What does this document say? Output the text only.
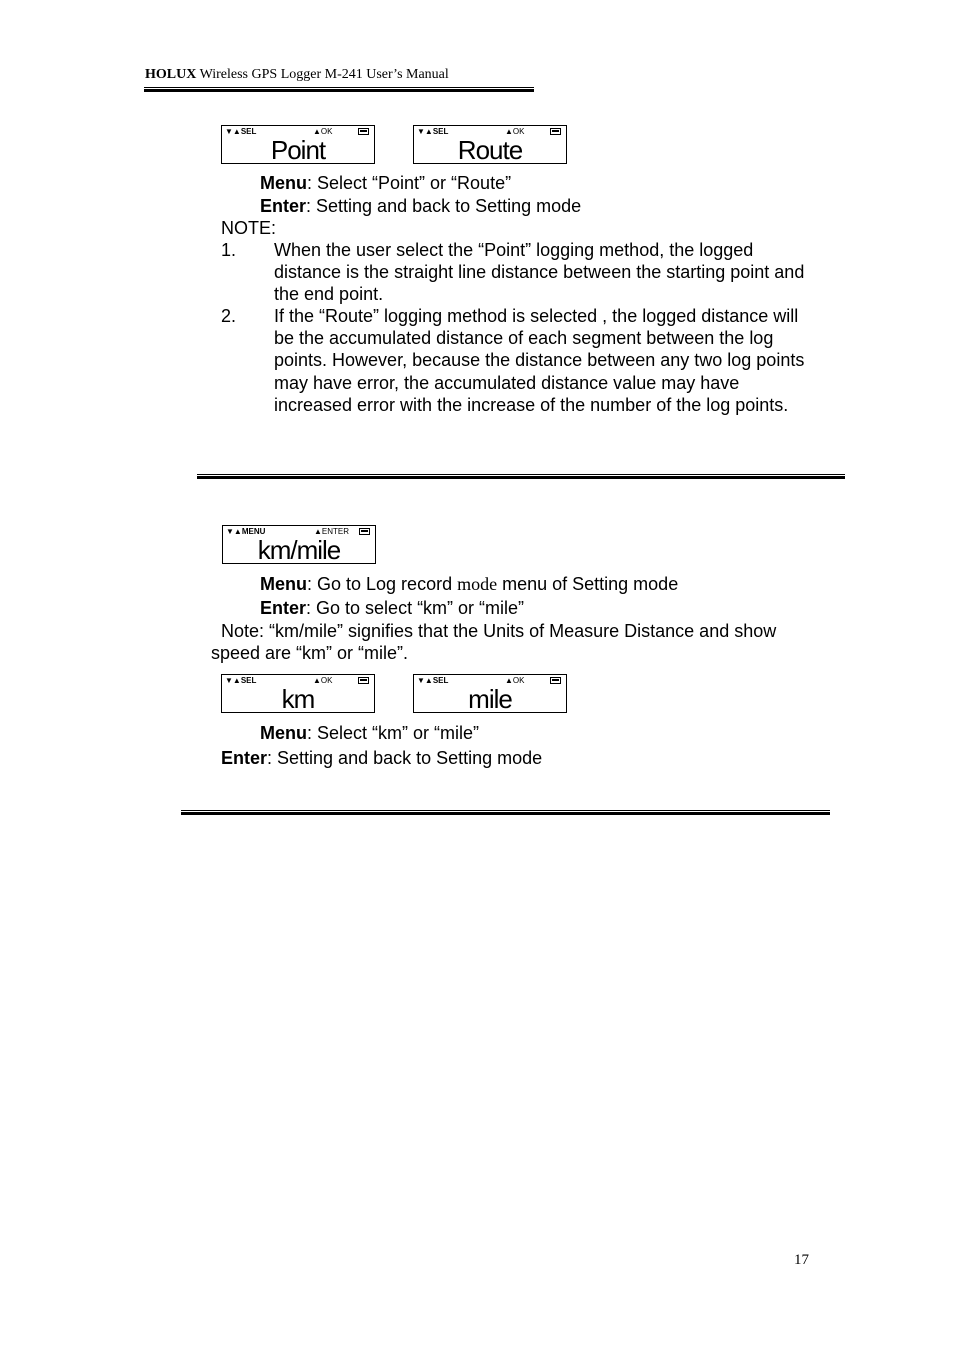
HOLUX Wireless GPS Logger M-241 User’s Manual
▼▲SEL	▲OK
Point
▼▲SEL	▲OK
Route
Menu: Select “Point” or “Route”
Enter: Setting and back to Setting mode
NOTE:
1. When the user select the “Point” logging method, the logged distance is the straight line distance between the starting point and the end point.
2. If the “Route” logging method is selected , the logged distance will be the accumulated distance of each segment between the log points. However, because the distance between any two log points may have error, the accumulated distance value may have increased error with the increase of the number of the log points.
▼▲MENU	▲ENTER
km/mile
Menu: Go to Log record mode menu of Setting mode
Enter: Go to select “km” or “mile”
Note: “km/mile” signifies that the Units of Measure Distance and show
speed are “km” or “mile”.
▼▲SEL	▲OK
km
▼▲SEL	▲OK
mile
Menu: Select “km” or “mile”
Enter: Setting and back to Setting mode
17
